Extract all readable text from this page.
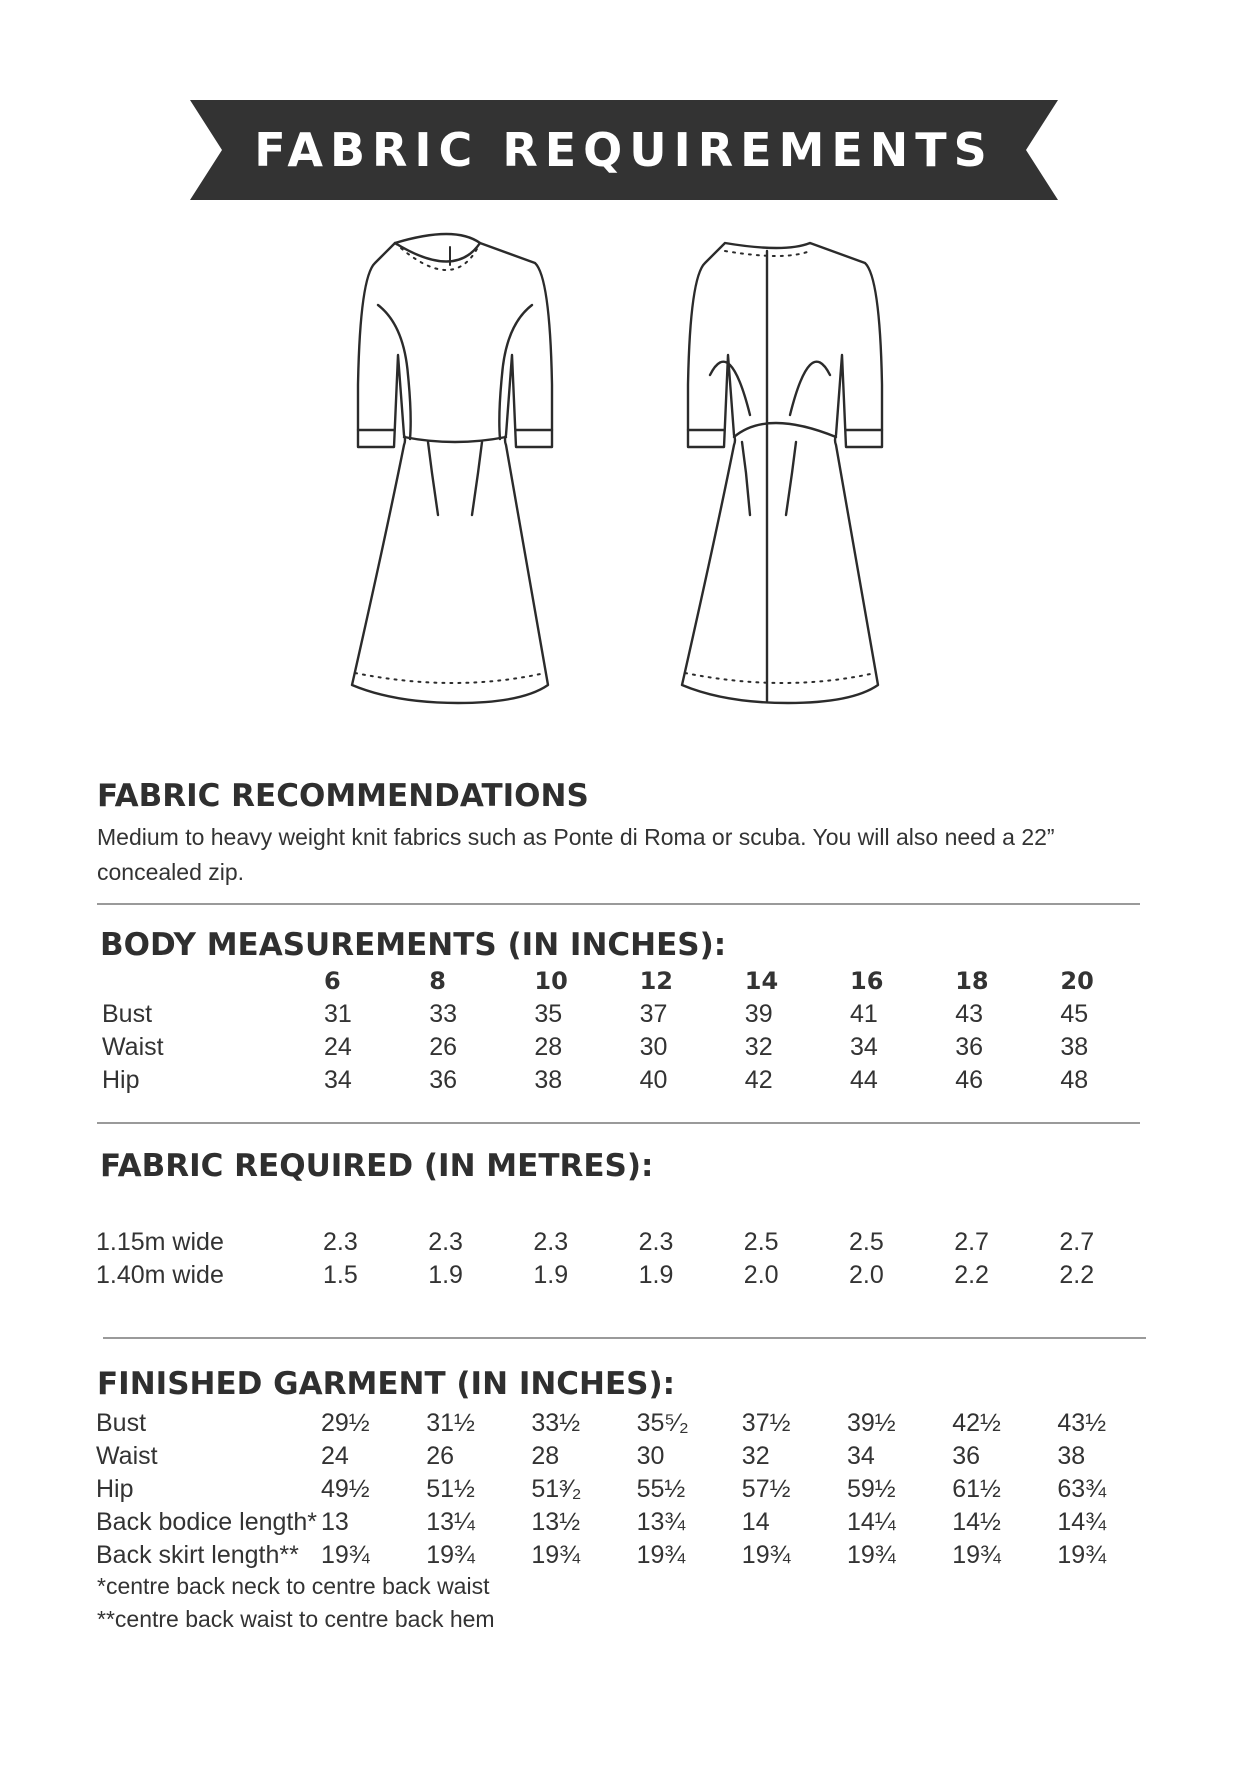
FABRIC REQUIREMENTS
FABRIC RECOMMENDATIONS

Medium to heavy weight knit fabrics such as Ponte di Roma or scuba. You will also need a 22” concealed zip.

BODY MEASUREMENTS (IN INCHES):
6	8	10	12	14	16	18	20
Bust	31	33	35	37	39	41	43	45
Waist	24	26	28	30	32	34	36	38
Hip	34	36	38	40	42	44	46	48
FABRIC REQUIRED (IN METRES):
1.15m wide	2.3	2.3	2.3	2.3	2.5	2.5	2.7	2.7
1.40m wide	1.5	1.9	1.9	1.9	2.0	2.0	2.2	2.2
FINISHED GARMENT (IN INCHES):
Bust	29½ 31½ 33½ 35⁵⁄₂ 37½ 39½ 42½ 43½
Waist	24	26	28	30	32	34	36	38
Hip	49½ 51½ 51³⁄₂ 55½ 57½ 59½ 61½ 63¾
Back bodice length* 13	13¼ 13½ 13¾ 14	14¼ 14½ 14¾
Back skirt length** 19¾ 19¾ 19¾ 19¾ 19¾ 19¾ 19¾ 19¾

*centre back neck to centre back waist

**centre back waist to centre back hem
